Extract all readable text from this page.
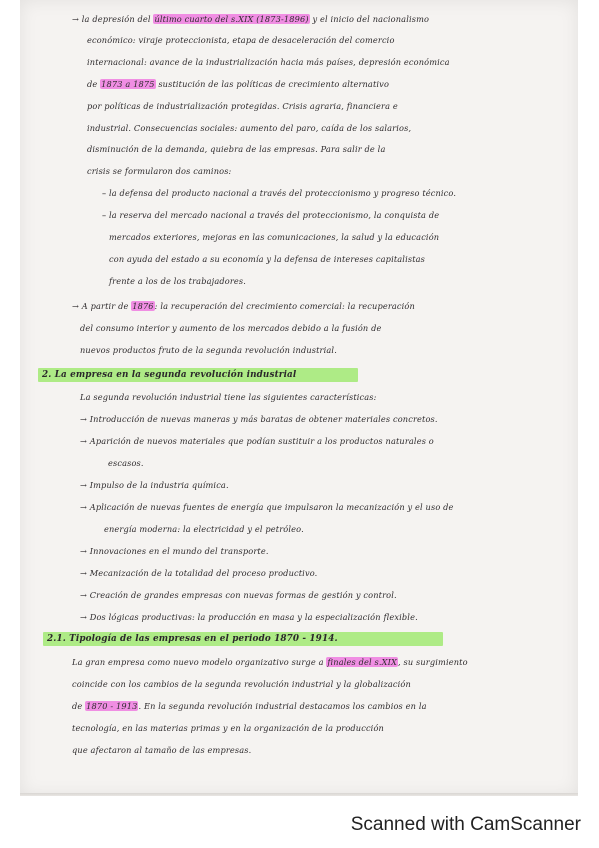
→ la depresión del último cuarto del s.XIX (1873-1896) y el inicio del nacionalismo
económico: viraje proteccionista, etapa de desaceleración del comercio
internacional: avance de la industrialización hacia más países, depresión económica
de 1873 a 1875 sustitución de las políticas de crecimiento alternativo
por políticas de industrialización protegidas. Crisis agraria, financiera e
industrial. Consecuencias sociales: aumento del paro, caída de los salarios,
disminución de la demanda, quiebra de las empresas. Para salir de la
crisis se formularon dos caminos:
– la defensa del producto nacional a través del proteccionismo y progreso técnico.
– la reserva del mercado nacional a través del proteccionismo, la conquista de
mercados exteriores, mejoras en las comunicaciones, la salud y la educación
con ayuda del estado a su economía y la defensa de intereses capitalistas
frente a los de los trabajadores.
→ A partir de 1876: la recuperación del crecimiento comercial: la recuperación
del consumo interior y aumento de los mercados debido a la fusión de
nuevos productos fruto de la segunda revolución industrial.
2. La empresa en la segunda revolución industrial
La segunda revolución industrial tiene las siguientes características:
→ Introducción de nuevas maneras y más baratas de obtener materiales concretos.
→ Aparición de nuevos materiales que podían sustituir a los productos naturales o
escasos.
→ Impulso de la industria química.
→ Aplicación de nuevas fuentes de energía que impulsaron la mecanización y el uso de
energía moderna: la electricidad y el petróleo.
→ Innovaciones en el mundo del transporte.
→ Mecanización de la totalidad del proceso productivo.
→ Creación de grandes empresas con nuevas formas de gestión y control.
→ Dos lógicas productivas: la producción en masa y la especialización flexible.
2.1. Tipología de las empresas en el periodo 1870 - 1914.
La gran empresa como nuevo modelo organizativo surge a finales del s.XIX, su surgimiento
coincide con los cambios de la segunda revolución industrial y la globalización
de 1870 - 1913. En la segunda revolución industrial destacamos los cambios en la
tecnología, en las materias primas y en la organización de la producción
que afectaron al tamaño de las empresas.
Scanned with CamScanner
